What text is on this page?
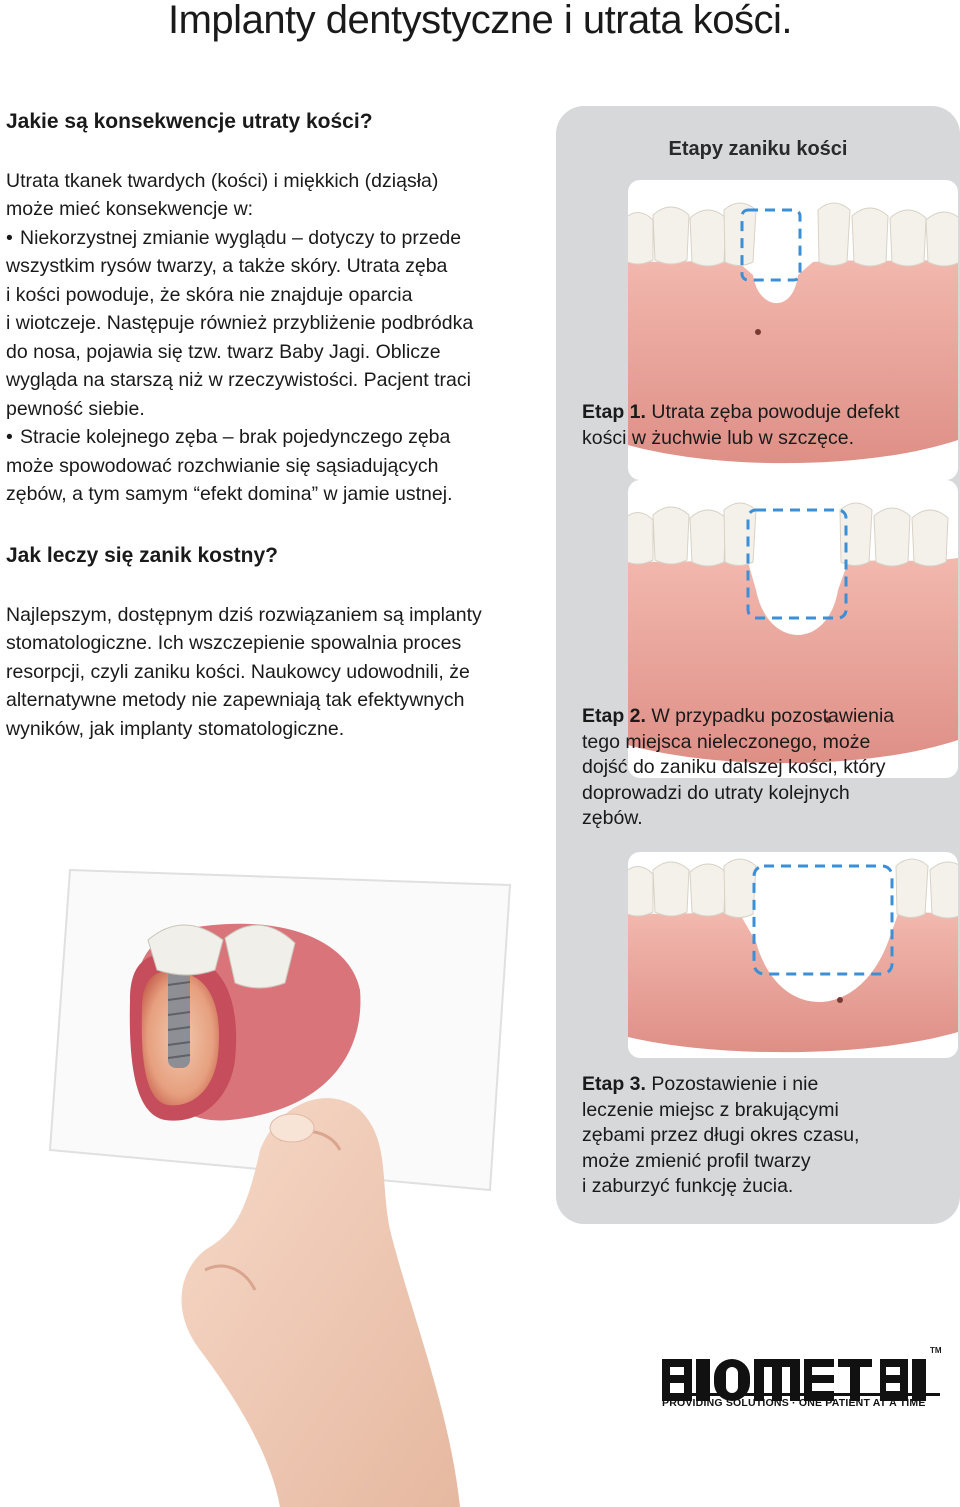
Implanty dentystyczne i utrata kości.

Jakie są konsekwencje utraty kości?

Utrata tkanek twardych (kości) i miękkich (dziąsła)

może mieć konsekwencje w:

• Niekorzystnej zmianie wyglądu – dotyczy to przede
wszystkim rysów twarzy, a także skóry. Utrata zęba
i kości powoduje, że skóra nie znajduje oparcia
i wiotczeje. Następuje również przybliżenie podbródka
do nosa, pojawia się tzw. twarz Baby Jagi. Oblicze
wygląda na starszą niż w rzeczywistości. Pacjent traci
pewność siebie.
• Stracie kolejnego zęba – brak pojedynczego zęba
może spowodować rozchwianie się sąsiadujących
zębów, a tym samym “efekt domina” w jamie ustnej.

Jak leczy się zanik kostny?

Najlepszym, dostępnym dziś rozwiązaniem są implanty

stomatologiczne. Ich wszczepienie spowalnia proces

resorpcji, czyli zaniku kości. Naukowcy udowodnili, że

alternatywne metody nie zapewniają tak efektywnych

wyników, jak implanty stomatologiczne.

Etapy zaniku kości

Etap 1. Utrata zęba powoduje defekt
kości w żuchwie lub w szczęce.
Etap 2. W przypadku pozostawienia
tego miejsca nieleczonego, może
dojść do zaniku dalszej kości, który
doprowadzi do utraty kolejnych
zębów.
Etap 3. Pozostawienie i nie
leczenie miejsc z brakującymi
zębami przez długi okres czasu,
może zmienić profil twarzy
i zaburzyć funkcję żucia.
TM
PROVIDING SOLUTIONS · ONE PATIENT AT A TIME
